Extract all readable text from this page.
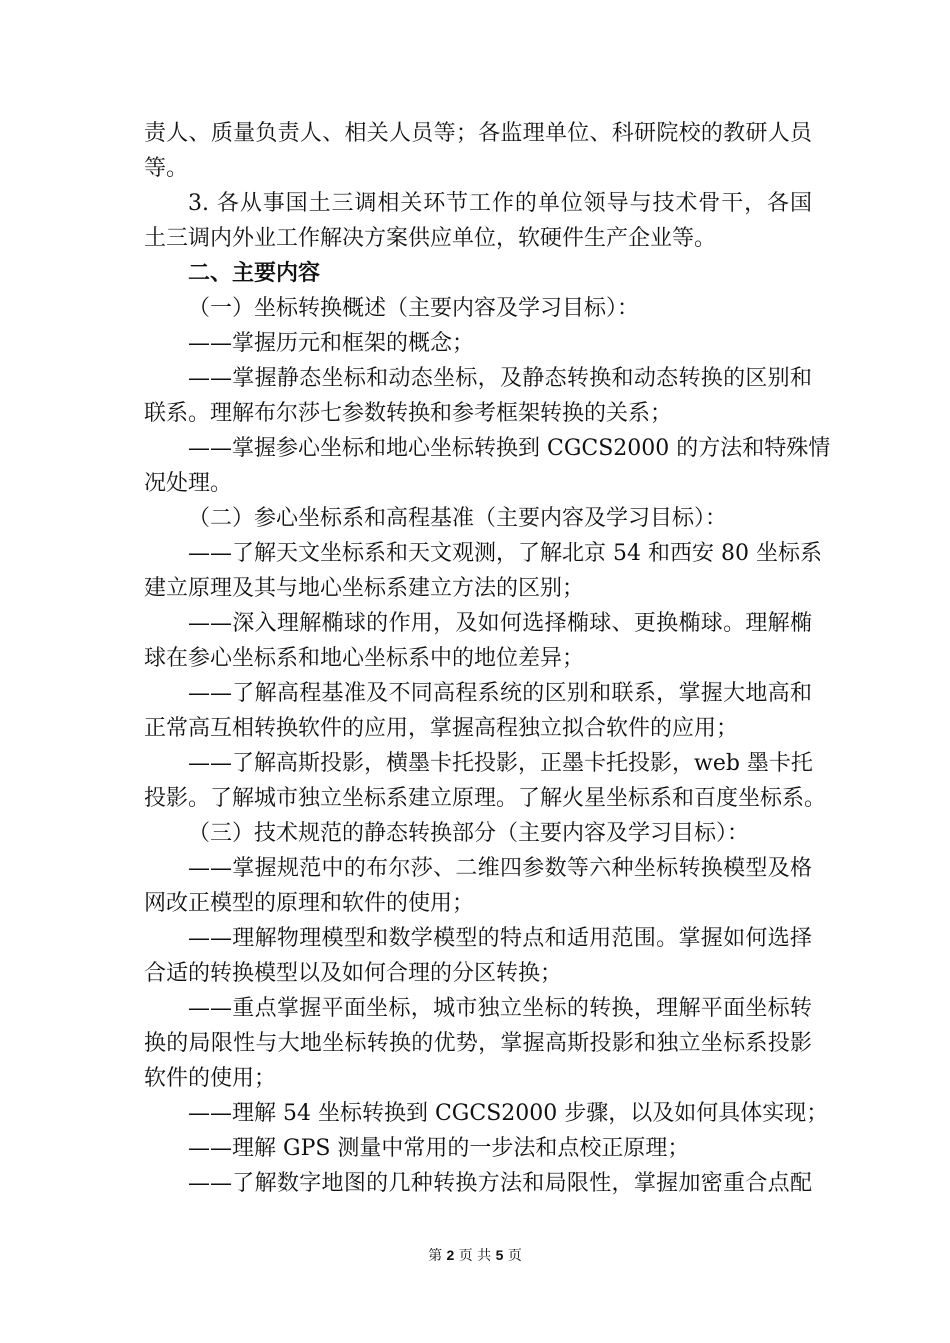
责人、质量负责人、相关人员等；各监理单位、科研院校的教研人员
等。
3. 各从事国土三调相关环节工作的单位领导与技术骨干，各国
土三调内外业工作解决方案供应单位，软硬件生产企业等。
二、主要内容
（一）坐标转换概述（主要内容及学习目标）：
——掌握历元和框架的概念；
——掌握静态坐标和动态坐标，及静态转换和动态转换的区别和
联系。理解布尔莎七参数转换和参考框架转换的关系；
——掌握参心坐标和地心坐标转换到 CGCS2000 的方法和特殊情
况处理。
（二）参心坐标系和高程基准（主要内容及学习目标）：
——了解天文坐标系和天文观测，了解北京 54 和西安 80 坐标系
建立原理及其与地心坐标系建立方法的区别；
——深入理解椭球的作用，及如何选择椭球、更换椭球。理解椭
球在参心坐标系和地心坐标系中的地位差异；
——了解高程基准及不同高程系统的区别和联系，掌握大地高和
正常高互相转换软件的应用，掌握高程独立拟合软件的应用；
——了解高斯投影，横墨卡托投影，正墨卡托投影，web 墨卡托
投影。了解城市独立坐标系建立原理。了解火星坐标系和百度坐标系。
（三）技术规范的静态转换部分（主要内容及学习目标）：
——掌握规范中的布尔莎、二维四参数等六种坐标转换模型及格
网改正模型的原理和软件的使用；
——理解物理模型和数学模型的特点和适用范围。掌握如何选择
合适的转换模型以及如何合理的分区转换；
——重点掌握平面坐标，城市独立坐标的转换，理解平面坐标转
换的局限性与大地坐标转换的优势，掌握高斯投影和独立坐标系投影
软件的使用；
——理解 54 坐标转换到 CGCS2000 步骤，以及如何具体实现；
——理解 GPS 测量中常用的一步法和点校正原理；
——了解数字地图的几种转换方法和局限性，掌握加密重合点配
第 2 页 共 5 页
